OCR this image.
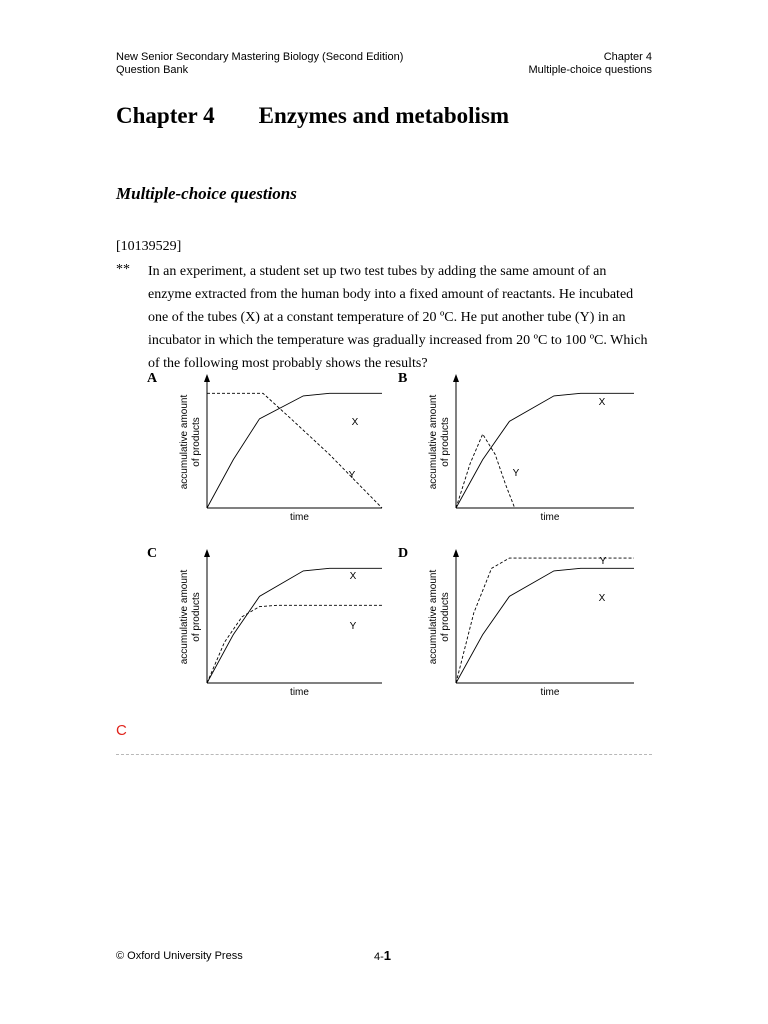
New Senior Secondary Mastering Biology (Second Edition)
Question Bank
Chapter 4
Multiple-choice questions
Chapter 4 Enzymes and metabolism
Multiple-choice questions
[10139529]
** In an experiment, a student set up two test tubes by adding the same amount of an enzyme extracted from the human body into a fixed amount of reactants. He incubated one of the tubes (X) at a constant temperature of 20 ºC. He put another tube (Y) in an incubator in which the temperature was gradually increased from 20 ºC to 100 ºC. Which of the following most probably shows the results?
A	B
C	D
time
accumulative amountof products	X
Y
time
accumulative amountof products
X
Y
time
accumulative amountof products
X
Y
time
accumulative amountof products	X
Y
C
© Oxford University Press	4-1
